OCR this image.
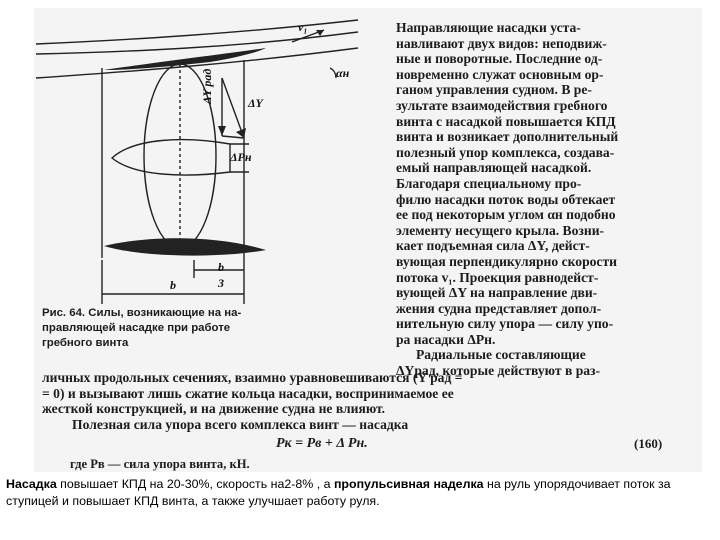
v₁
αн
ΔY рад	ΔY
ΔPн
b
3
b
Рис. 64. Силы, возникающие на на-
правляющей насадке при работе
гребного винта
Направляющие насадки уста-
навливают двух видов: неподвиж-
ные и поворотные. Последние од-
новременно служат основным ор-
ганом управления судном. В ре-
зультате взаимодействия гребного
винта с насадкой повышается КПД
винта и возникает дополнительный
полезный упор комплекса, создава-
емый направляющей насадкой.
Благодаря специальному про-
филю насадки поток воды обтекает
ее под некоторым углом αн подобно
элементу несущего крыла. Возни-
кает подъемная сила ΔY, дейст-
вующая перпендикулярно скорости
потока v₁. Проекция равнодейст-
вующей ΔY на направление дви-
жения судна представляет допол-
нительную силу упора — силу упо-
ра насадки ΔPн.
Радиальные составляющие
ΔYрад, которые действуют в раз-
личных продольных сечениях, взаимно уравновешиваются (Y рад =
= 0) и вызывают лишь сжатие кольца насадки, воспринимаемое ее
жесткой конструкцией, и на движение судна не влияют.
Полезная сила упора всего комплекса винт — насадка
Pк = Pв + Δ Pн.	(160)
где Pв — сила упора винта, кН.
Насадка повышает КПД на 20-30%, скорость на2-8% , а пропульсивная наделка на руль упорядочивает поток за ступицей и повышает КПД винта, а также улучшает работу руля.
